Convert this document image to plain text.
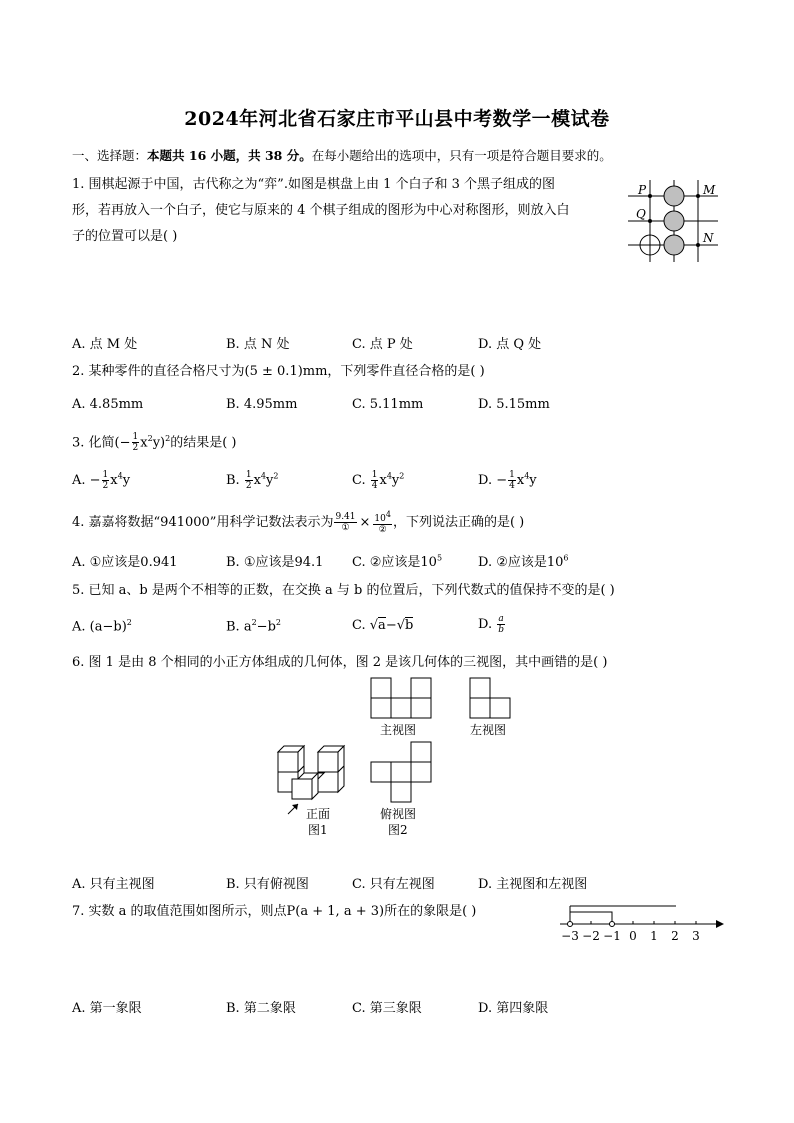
2024年河北省石家庄市平山县中考数学一模试卷
一、选择题：本题共 16 小题，共 38 分。在每小题给出的选项中，只有一项是符合题目要求的。
1. 围棋起源于中国，古代称之为“弈”.如图是棋盘上由 1 个白子和 3 个黑子组成的图
形，若再放入一个白子，使它与原来的 4 个棋子组成的图形为中心对称图形，则放入白
子的位置可以是( )
P	M
Q
N
A. 点 M 处	B. 点 N 处	C. 点 P 处	D. 点 Q 处
2. 某种零件的直径合格尺寸为(5 ± 0.1)mm，下列零件直径合格的是( )
A. 4.85mm	B. 4.95mm	C. 5.11mm	D. 5.15mm
3. 化简(− $\frac{1}{2} x^2y)^2$的结果是( )
A. − $\frac{1}{2} x^4y$	B. $\frac{1}{2} x^4y^2$	C. $\frac{1}{4} x^4y^2$	D. − $\frac{1}{4} x^4y$
4. 嘉嘉将数据“941000”用科学记数法表示为 $\frac{9.41}{\text{①}} \times \frac{10^4}{\text{②}}$ ，下列说法正确的是( )
A. ①应该是0.941	B. ①应该是94.1 C. ②应该是$10^5$	D. ②应该是$10^6$
5. 已知 a、b 是两个不相等的正数，在交换 a 与 b 的位置后，下列代数式的值保持不变的是( )
A. $(a-b)^2$	B. $a^2-b^2$	C. √a−√b	D. $\frac{a}{b}$
6. 图 1 是由 8 个相同的小正方体组成的几何体，图 2 是该几何体的三视图，其中画错的是( )
正面
图1
主视图	左视图
俯视图
图2
A. 只有主视图	B. 只有俯视图	C. 只有左视图	D. 主视图和左视图
7. 实数 a 的取值范围如图所示，则点P(a + 1, a + 3)所在的象限是( )
−3 −2 −1 0 1 2 3
A. 第一象限	B. 第二象限	C. 第三象限	D. 第四象限
